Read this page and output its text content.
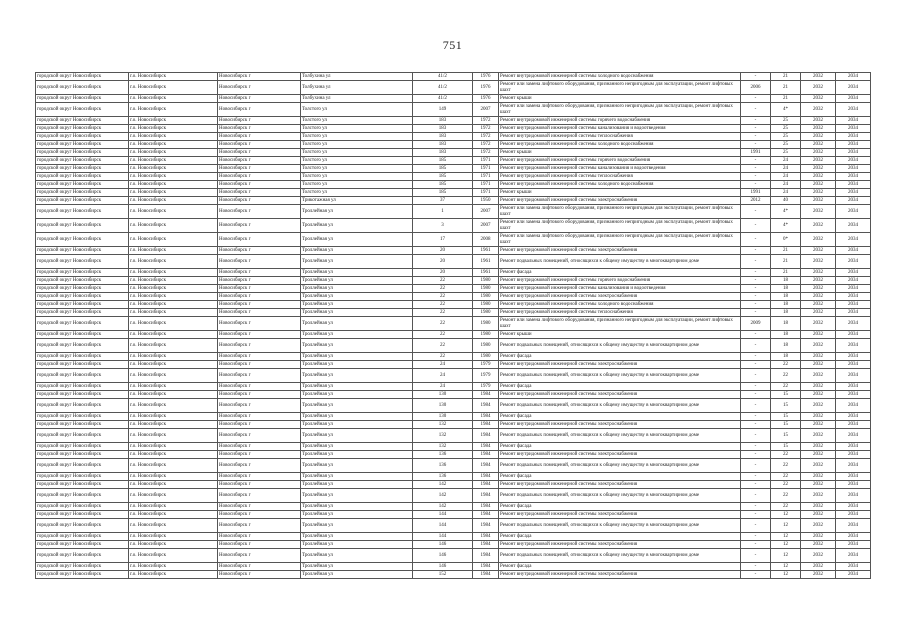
751
городской округ Новосибирск	г.о. Новосибирск	Новосибирск г	Толбухина ул	41/2	1976	Ремонт внутридомовой инженерной системы холодного водоснабжения	-	21	2032	2034
городской округ Новосибирск	г.о. Новосибирск	Новосибирск г	Толбухина ул	41/2	1976	Ремонт или замена лифтового оборудования, признанного непригодным для эксплуатации, ремонт лифтовых шахт	2006	21	2032	2034
городской округ Новосибирск	г.о. Новосибирск	Новосибирск г	Толбухина ул	41/2	1976	Ремонт крыши	-	21	2032	2034
городской округ Новосибирск	г.о. Новосибирск	Новосибирск г	Толстого ул	149	2007	Ремонт или замена лифтового оборудования, признанного непригодным для эксплуатации, ремонт лифтовых шахт	-	4*	2032	2034
городской округ Новосибирск	г.о. Новосибирск	Новосибирск г	Толстого ул	183	1972	Ремонт внутридомовой инженерной системы горячего водоснабжения	-	25	2032	2034
городской округ Новосибирск	г.о. Новосибирск	Новосибирск г	Толстого ул	183	1972	Ремонт внутридомовой инженерной системы канализования и водоотведения	-	25	2032	2034
городской округ Новосибирск	г.о. Новосибирск	Новосибирск г	Толстого ул	183	1972	Ремонт внутридомовой инженерной системы теплоснабжения	-	25	2032	2034
городской округ Новосибирск	г.о. Новосибирск	Новосибирск г	Толстого ул	183	1972	Ремонт внутридомовой инженерной системы холодного водоснабжения	-	25	2032	2034
городской округ Новосибирск	г.о. Новосибирск	Новосибирск г	Толстого ул	183	1972	Ремонт крыши	1991	25	2032	2034
городской округ Новосибирск	г.о. Новосибирск	Новосибирск г	Толстого ул	185	1971	Ремонт внутридомовой инженерной системы горячего водоснабжения	-	24	2032	2034
городской округ Новосибирск	г.о. Новосибирск	Новосибирск г	Толстого ул	185	1971	Ремонт внутридомовой инженерной системы канализования и водоотведения	-	24	2032	2034
городской округ Новосибирск	г.о. Новосибирск	Новосибирск г	Толстого ул	185	1971	Ремонт внутридомовой инженерной системы теплоснабжения	-	24	2032	2034
городской округ Новосибирск	г.о. Новосибирск	Новосибирск г	Толстого ул	185	1971	Ремонт внутридомовой инженерной системы холодного водоснабжения	-	24	2032	2034
городской округ Новосибирск	г.о. Новосибирск	Новосибирск г	Толстого ул	185	1971	Ремонт крыши	1991	24	2032	2034
городской округ Новосибирск	г.о. Новосибирск	Новосибирск г	Трикотажная ул	37	1950	Ремонт внутридомовой инженерной системы электроснабжения	2012	40	2032	2034
городской округ Новосибирск	г.о. Новосибирск	Новосибирск г	Троллейная ул	1	2007	Ремонт или замена лифтового оборудования, признанного непригодным для эксплуатации, ремонт лифтовых шахт	-	4*	2032	2034
городской округ Новосибирск	г.о. Новосибирск	Новосибирск г	Троллейная ул	3	2007	Ремонт или замена лифтового оборудования, признанного непригодным для эксплуатации, ремонт лифтовых шахт	-	4*	2032	2034
городской округ Новосибирск	г.о. Новосибирск	Новосибирск г	Троллейная ул	17	2008	Ремонт или замена лифтового оборудования, признанного непригодным для эксплуатации, ремонт лифтовых шахт	-	0*	2032	2034
городской округ Новосибирск	г.о. Новосибирск	Новосибирск г	Троллейная ул	20	1961	Ремонт внутридомовой инженерной системы электроснабжения	-	21	2032	2034
городской округ Новосибирск	г.о. Новосибирск	Новосибирск г	Троллейная ул	20	1961	Ремонт подвальных помещений, относящихся к общему имуществу в многоквартирном доме	-	21	2032	2034
городской округ Новосибирск	г.о. Новосибирск	Новосибирск г	Троллейная ул	20	1961	Ремонт фасада	-	21	2032	2034
городской округ Новосибирск	г.о. Новосибирск	Новосибирск г	Троллейная ул	22	1980	Ремонт внутридомовой инженерной системы горячего водоснабжения	-	18	2032	2034
городской округ Новосибирск	г.о. Новосибирск	Новосибирск г	Троллейная ул	22	1980	Ремонт внутридомовой инженерной системы канализования и водоотведения	-	18	2032	2034
городской округ Новосибирск	г.о. Новосибирск	Новосибирск г	Троллейная ул	22	1980	Ремонт внутридомовой инженерной системы электроснабжения	-	18	2032	2034
городской округ Новосибирск	г.о. Новосибирск	Новосибирск г	Троллейная ул	22	1980	Ремонт внутридомовой инженерной системы холодного водоснабжения	-	18	2032	2034
городской округ Новосибирск	г.о. Новосибирск	Новосибирск г	Троллейная ул	22	1980	Ремонт внутридомовой инженерной системы теплоснабжения	-	18	2032	2034
городской округ Новосибирск	г.о. Новосибирск	Новосибирск г	Троллейная ул	22	1980	Ремонт или замена лифтового оборудования, признанного непригодным для эксплуатации, ремонт лифтовых шахт	2009	18	2032	2034
городской округ Новосибирск	г.о. Новосибирск	Новосибирск г	Троллейная ул	22	1980	Ремонт крыши	-	18	2032	2034
городской округ Новосибирск	г.о. Новосибирск	Новосибирск г	Троллейная ул	22	1980	Ремонт подвальных помещений, относящихся к общему имуществу в многоквартирном доме	-	18	2032	2034
городской округ Новосибирск	г.о. Новосибирск	Новосибирск г	Троллейная ул	22	1980	Ремонт фасада	-	18	2032	2034
городской округ Новосибирск	г.о. Новосибирск	Новосибирск г	Троллейная ул	24	1979	Ремонт внутридомовой инженерной системы электроснабжения	-	22	2032	2034
городской округ Новосибирск	г.о. Новосибирск	Новосибирск г	Троллейная ул	24	1979	Ремонт подвальных помещений, относящихся к общему имуществу в многоквартирном доме	-	22	2032	2034
городской округ Новосибирск	г.о. Новосибирск	Новосибирск г	Троллейная ул	24	1979	Ремонт фасада	-	22	2032	2034
городской округ Новосибирск	г.о. Новосибирск	Новосибирск г	Троллейная ул	130	1984	Ремонт внутридомовой инженерной системы электроснабжения	-	15	2032	2034
городской округ Новосибирск	г.о. Новосибирск	Новосибирск г	Троллейная ул	130	1984	Ремонт подвальных помещений, относящихся к общему имуществу в многоквартирном доме	-	15	2032	2034
городской округ Новосибирск	г.о. Новосибирск	Новосибирск г	Троллейная ул	130	1984	Ремонт фасада	-	15	2032	2034
городской округ Новосибирск	г.о. Новосибирск	Новосибирск г	Троллейная ул	132	1984	Ремонт внутридомовой инженерной системы электроснабжения	-	15	2032	2034
городской округ Новосибирск	г.о. Новосибирск	Новосибирск г	Троллейная ул	132	1984	Ремонт подвальных помещений, относящихся к общему имуществу в многоквартирном доме	-	15	2032	2034
городской округ Новосибирск	г.о. Новосибирск	Новосибирск г	Троллейная ул	132	1984	Ремонт фасада	-	15	2032	2034
городской округ Новосибирск	г.о. Новосибирск	Новосибирск г	Троллейная ул	136	1984	Ремонт внутридомовой инженерной системы электроснабжения	-	22	2032	2034
городской округ Новосибирск	г.о. Новосибирск	Новосибирск г	Троллейная ул	136	1984	Ремонт подвальных помещений, относящихся к общему имуществу в многоквартирном доме	-	22	2032	2034
городской округ Новосибирск	г.о. Новосибирск	Новосибирск г	Троллейная ул	136	1984	Ремонт фасада	-	22	2032	2034
городской округ Новосибирск	г.о. Новосибирск	Новосибирск г	Троллейная ул	142	1984	Ремонт внутридомовой инженерной системы электроснабжения	-	22	2032	2034
городской округ Новосибирск	г.о. Новосибирск	Новосибирск г	Троллейная ул	142	1984	Ремонт подвальных помещений, относящихся к общему имуществу в многоквартирном доме	-	22	2032	2034
городской округ Новосибирск	г.о. Новосибирск	Новосибирск г	Троллейная ул	142	1984	Ремонт фасада	-	22	2032	2034
городской округ Новосибирск	г.о. Новосибирск	Новосибирск г	Троллейная ул	144	1984	Ремонт внутридомовой инженерной системы электроснабжения	-	12	2032	2034
городской округ Новосибирск	г.о. Новосибирск	Новосибирск г	Троллейная ул	144	1984	Ремонт подвальных помещений, относящихся к общему имуществу в многоквартирном доме	-	12	2032	2034
городской округ Новосибирск	г.о. Новосибирск	Новосибирск г	Троллейная ул	144	1984	Ремонт фасада	-	12	2032	2034
городской округ Новосибирск	г.о. Новосибирск	Новосибирск г	Троллейная ул	146	1984	Ремонт внутридомовой инженерной системы электроснабжения	-	12	2032	2034
городской округ Новосибирск	г.о. Новосибирск	Новосибирск г	Троллейная ул	146	1984	Ремонт подвальных помещений, относящихся к общему имуществу в многоквартирном доме	-	12	2032	2034
городской округ Новосибирск	г.о. Новосибирск	Новосибирск г	Троллейная ул	146	1984	Ремонт фасада	-	12	2032	2034
городской округ Новосибирск	г.о. Новосибирск	Новосибирск г	Троллейная ул	152	1984	Ремонт внутридомовой инженерной системы электроснабжения	-	12	2032	2034
